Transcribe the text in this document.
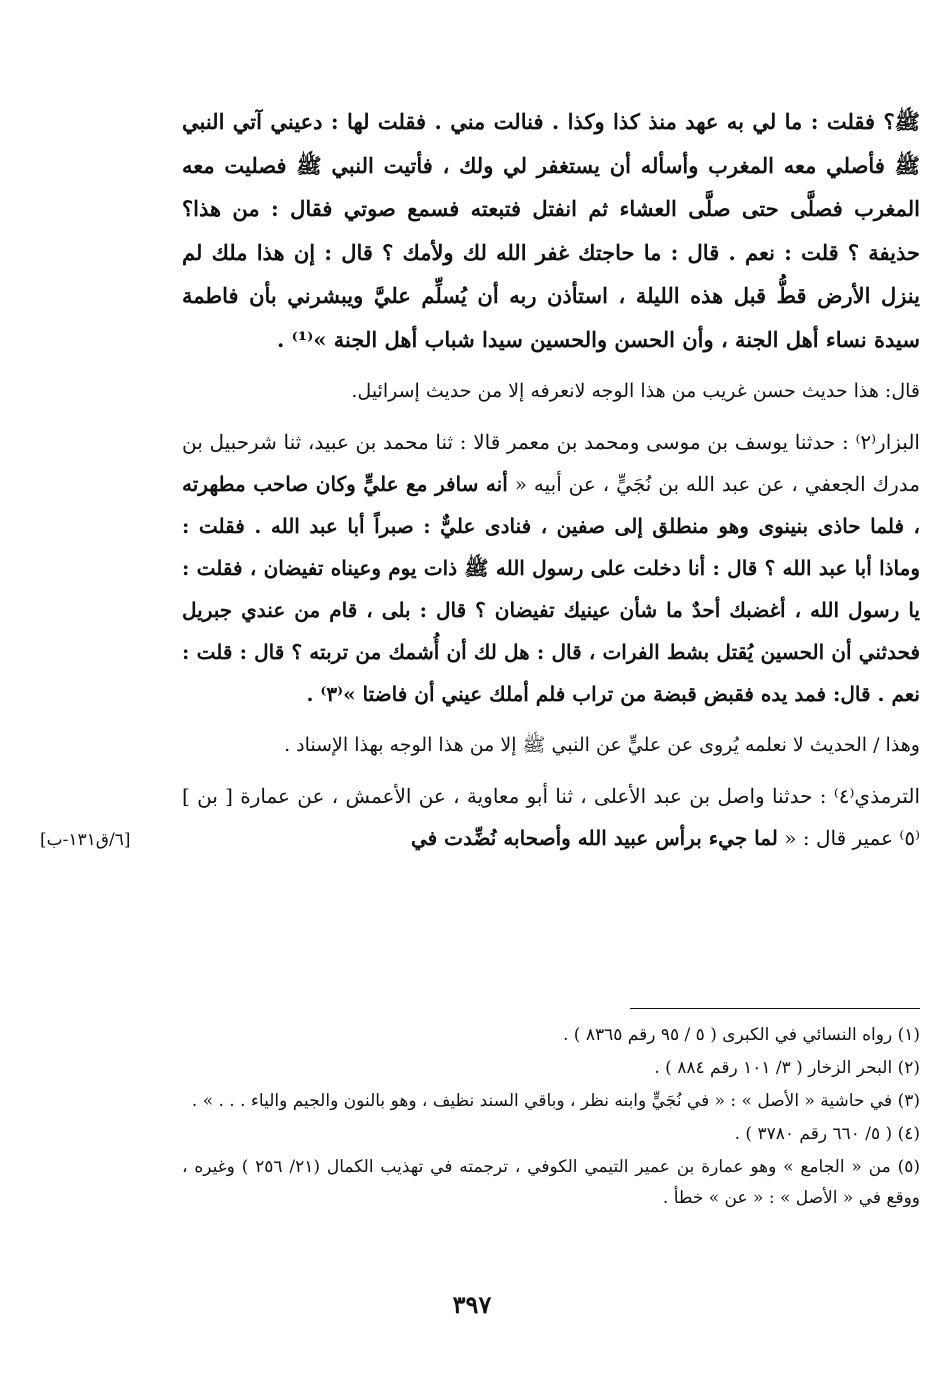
ﷺ؟ فقلت : ما لي به عهد منذ كذا وكذا . فنالت مني . فقلت لها : دعيني آتي النبي ﷺ فأصلي معه المغرب وأسأله أن يستغفر لي ولك ، فأتيت النبي ﷺ فصليت معه المغرب فصلَّى حتى صلَّى العشاء ثم انفتل فتبعته فسمع صوتي فقال : من هذا؟ حذيفة ؟ قلت : نعم . قال : ما حاجتك غفر الله لك ولأمك ؟ قال : إن هذا ملك لم ينزل الأرض قطُّ قبل هذه الليلة ، استأذن ربه أن يُسلِّم عليَّ ويبشرني بأن فاطمة سيدة نساء أهل الجنة ، وأن الحسن والحسين سيدا شباب أهل الجنة »⁽¹⁾ .

قال: هذا حديث حسن غريب من هذا الوجه لانعرفه إلا من حديث إسرائيل.

البزار⁽٢⁾ : حدثنا يوسف بن موسى ومحمد بن معمر قالا : ثنا محمد بن عبيد، ثنا شرحبيل بن مدرك الجعفي ، عن عبد الله بن نُجَيٍّ ، عن أبيه « أنه سافر مع عليٍّ وكان صاحب مطهرته ، فلما حاذى بنينوى وهو منطلق إلى صفين ، فنادى عليٌّ : صبراً أبا عبد الله . فقلت : وماذا أبا عبد الله ؟ قال : أنا دخلت على رسول الله ﷺ ذات يوم وعيناه تفيضان ، فقلت : يا رسول الله ، أغضبك أحدٌ ما شأن عينيك تفيضان ؟ قال : بلى ، قام من عندي جبريل فحدثني أن الحسين يُقتل بشط الفرات ، قال : هل لك أن أُشمك من تربته ؟ قال : قلت : نعم . قال: فمد يده فقبض قبضة من تراب فلم أملك عيني أن فاضتا »⁽٣⁾ .

وهذا / الحديث لا نعلمه يُروى عن عليٍّ عن النبي ﷺ إلا من هذا الوجه بهذا الإسناد .

الترمذي⁽٤⁾ : حدثنا واصل بن عبد الأعلى ، ثنا أبو معاوية ، عن الأعمش ، عن عمارة [ بن ]⁽٥⁾ عمير قال : « لما جيء برأس عبيد الله وأصحابه نُضِّدت في

[٦/ق١٣١-ب]

(١) رواه النسائي في الكبرى ( ٥ / ٩٥ رقم ٨٣٦٥ ) .

(٢) البحر الزخار ( ٣/ ١٠١ رقم ٨٨٤ ) .

(٣) في حاشية « الأصل » : « في نُجَيٍّ وابنه نظر ، وباقي السند نظيف ، وهو بالنون والجيم والياء . . . » .

(٤) ( ٥/ ٦٦٠ رقم ٣٧٨٠ ) .

(٥) من « الجامع » وهو عمارة بن عمير التيمي الكوفي ، ترجمته في تهذيب الكمال (٢١/ ٢٥٦ ) وغيره ، ووقع في « الأصل » : « عن » خطأ .

٣٩٧
